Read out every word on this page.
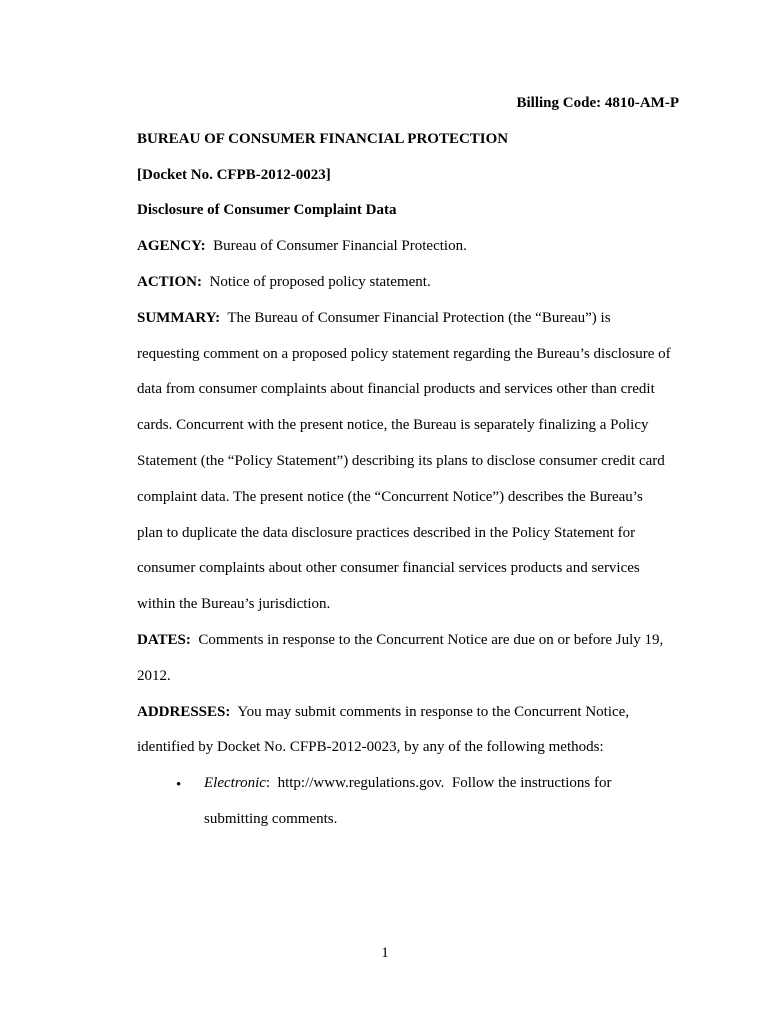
Billing Code: 4810-AM-P
BUREAU OF CONSUMER FINANCIAL PROTECTION
[Docket No. CFPB-2012-0023]
Disclosure of Consumer Complaint Data
AGENCY:  Bureau of Consumer Financial Protection.
ACTION:  Notice of proposed policy statement.
SUMMARY:  The Bureau of Consumer Financial Protection (the “Bureau”) is
requesting comment on a proposed policy statement regarding the Bureau’s disclosure of
data from consumer complaints about financial products and services other than credit
cards. Concurrent with the present notice, the Bureau is separately finalizing a Policy
Statement (the “Policy Statement”) describing its plans to disclose consumer credit card
complaint data. The present notice (the “Concurrent Notice”) describes the Bureau’s
plan to duplicate the data disclosure practices described in the Policy Statement for
consumer complaints about other consumer financial services products and services
within the Bureau’s jurisdiction.
DATES:  Comments in response to the Concurrent Notice are due on or before July 19,
2012.
ADDRESSES:  You may submit comments in response to the Concurrent Notice,
identified by Docket No. CFPB-2012-0023, by any of the following methods:
• Electronic:  http://www.regulations.gov.  Follow the instructions for
submitting comments.
1
